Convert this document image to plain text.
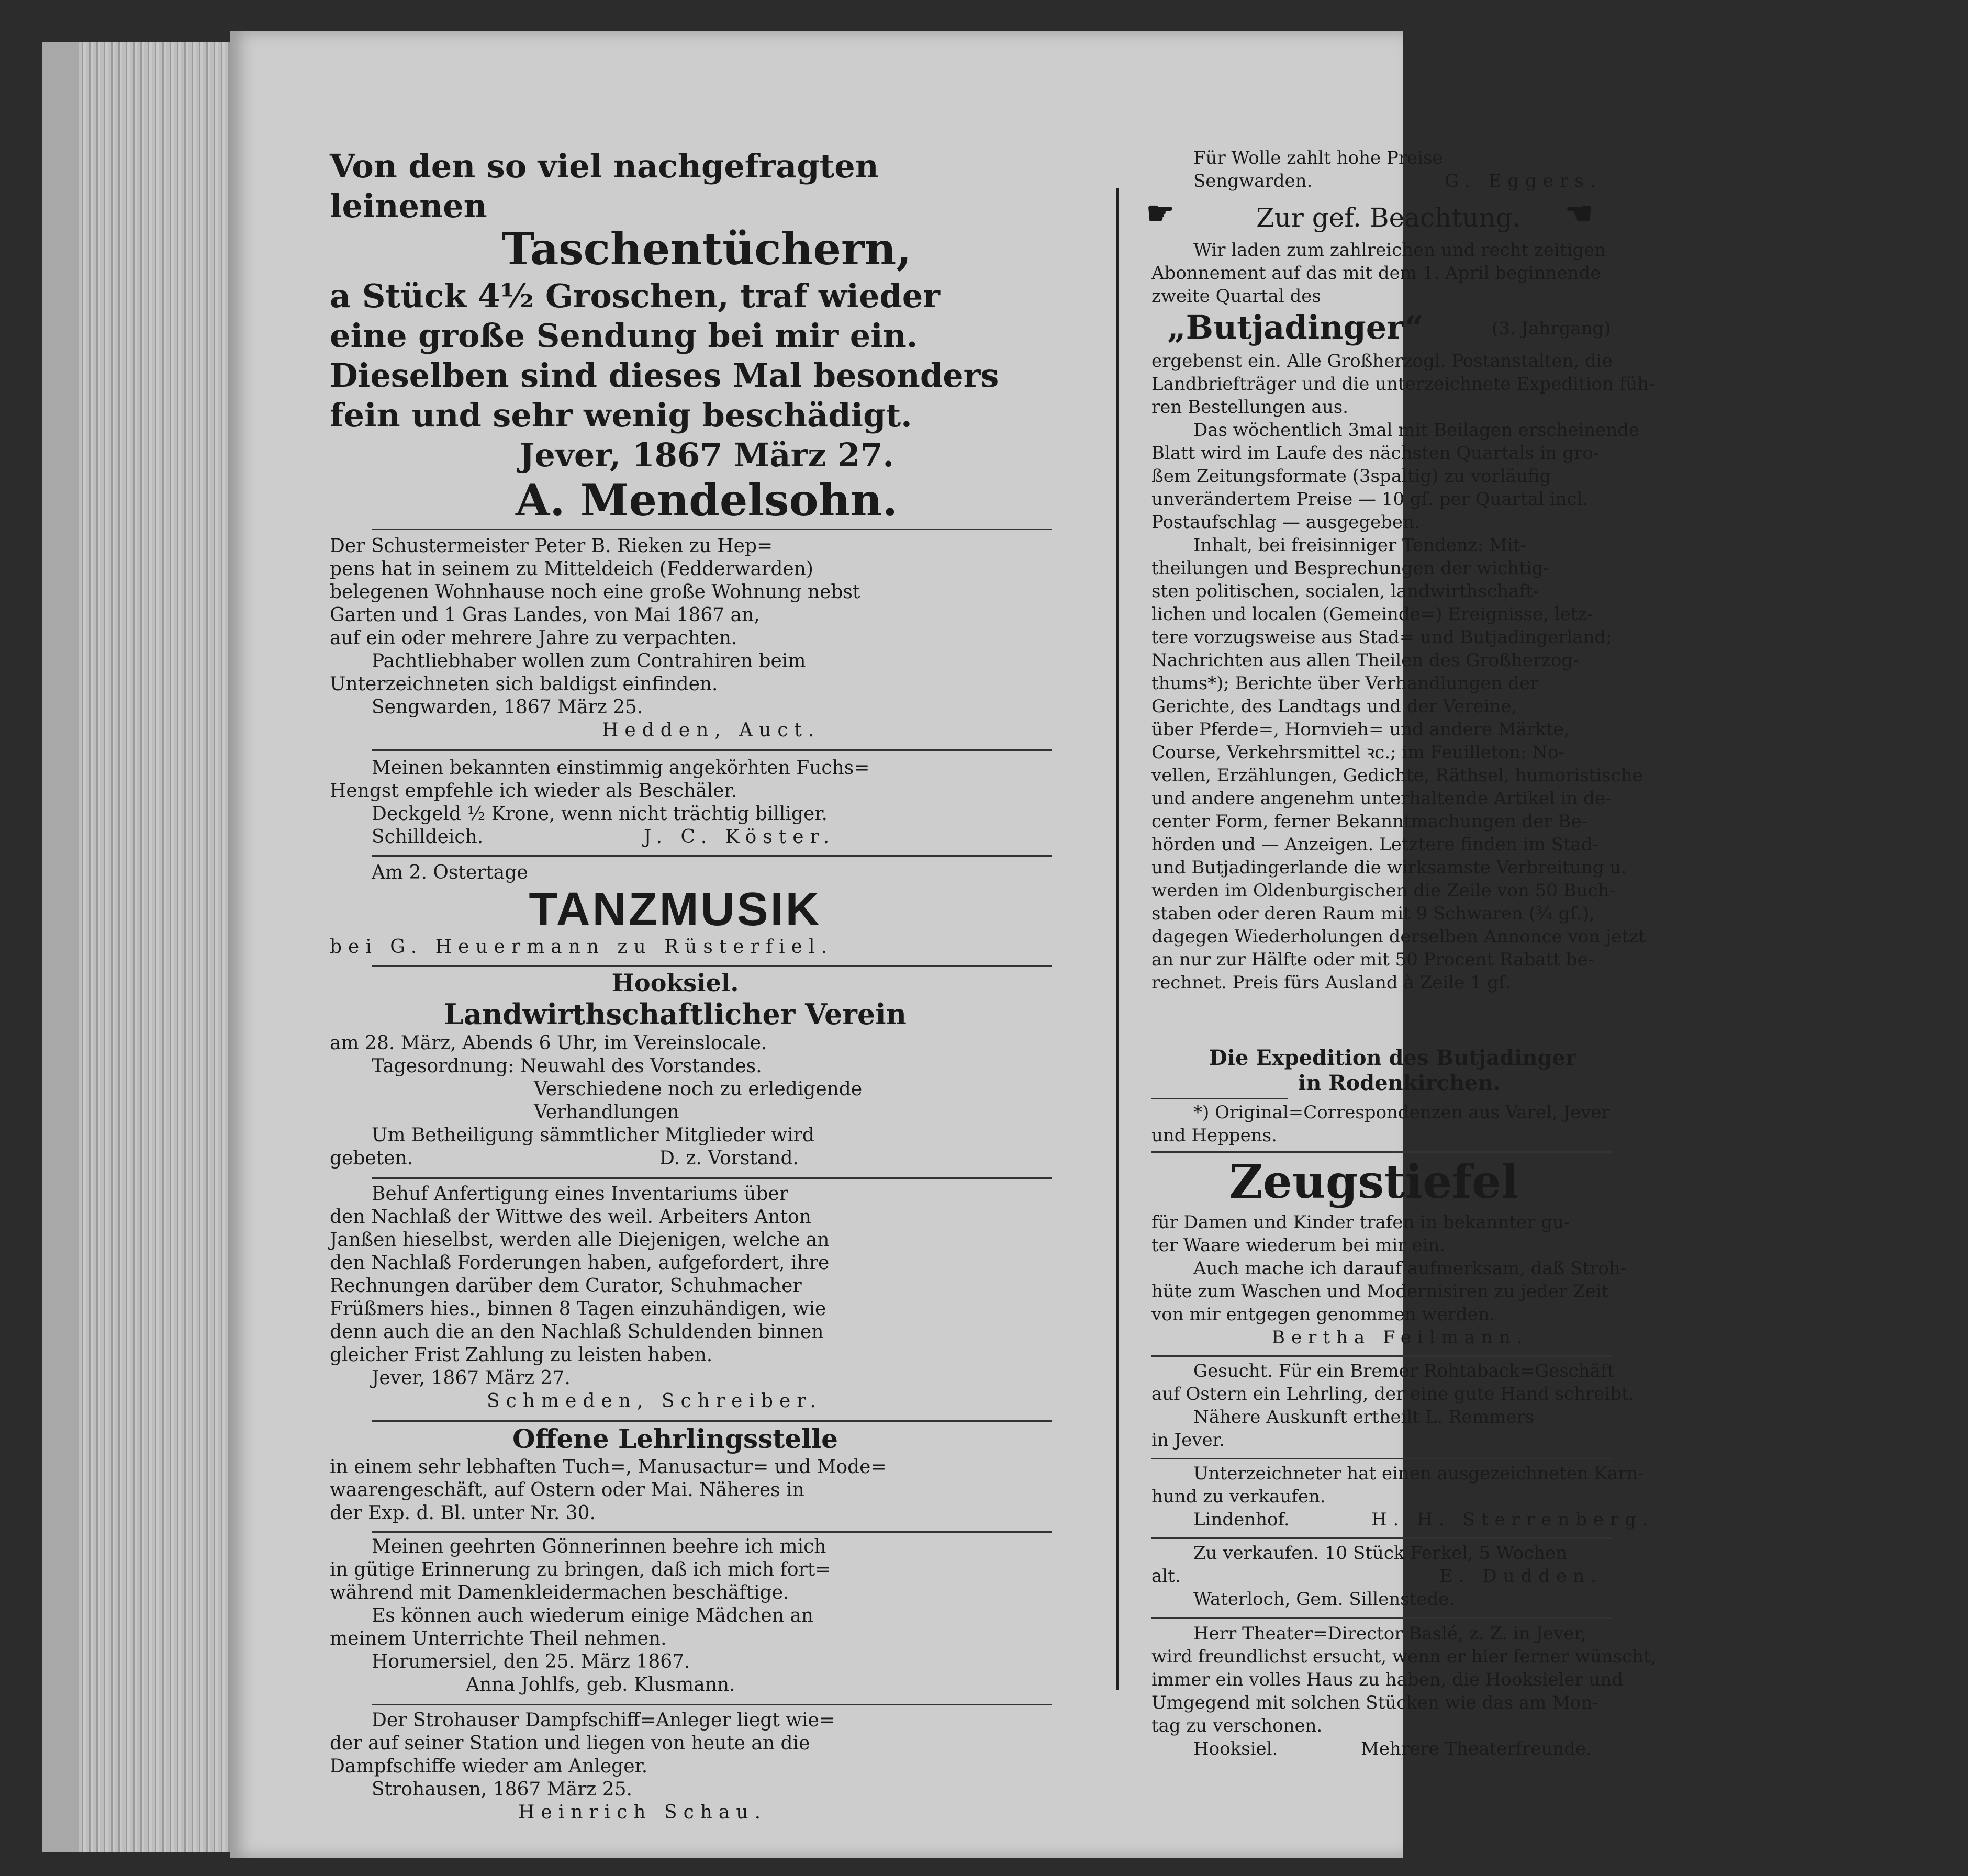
Von den so viel nachgefragten
leinenen
Taschentüchern,
a Stück 4½ Groschen, traf wieder
eine große Sendung bei mir ein.
Dieselben sind dieses Mal besonders
fein und sehr wenig beschädigt.
Jever, 1867 März 27.
A. Mendelsohn.
Der Schustermeister Peter B. Rieken zu Hep=
pens hat in seinem zu Mitteldeich (Fedderwarden)
belegenen Wohnhause noch eine große Wohnung nebst
Garten und 1 Gras Landes, von Mai 1867 an,
auf ein oder mehrere Jahre zu verpachten.
Pachtliebhaber wollen zum Contrahiren beim
Unterzeichneten sich baldigst einfinden.
Sengwarden, 1867 März 25.
Hedden, Auct.
Meinen bekannten einstimmig angekörhten Fuchs=
Hengst empfehle ich wieder als Beschäler.
Deckgeld ½ Krone, wenn nicht trächtig billiger.
Schilldeich.	J. C. Köster.
Am 2. Ostertage
TANZMUSIK
bei G. Heuermann zu Rüsterfiel.
Hooksiel.
Landwirthschaftlicher Verein
am 28. März, Abends 6 Uhr, im Vereinslocale.
Tagesordnung: Neuwahl des Vorstandes.
Verschiedene noch zu erledigende
Verhandlungen
Um Betheiligung sämmtlicher Mitglieder wird
gebeten.	D. z. Vorstand.
Behuf Anfertigung eines Inventariums über
den Nachlaß der Wittwe des weil. Arbeiters Anton
Janßen hieselbst, werden alle Diejenigen, welche an
den Nachlaß Forderungen haben, aufgefordert, ihre
Rechnungen darüber dem Curator, Schuhmacher
Früßmers hies., binnen 8 Tagen einzuhändigen, wie
denn auch die an den Nachlaß Schuldenden binnen
gleicher Frist Zahlung zu leisten haben.
Jever, 1867 März 27.
Schmeden, Schreiber.
Offene Lehrlingsstelle
in einem sehr lebhaften Tuch=, Manusactur= und Mode=
waarengeschäft, auf Ostern oder Mai. Näheres in
der Exp. d. Bl. unter Nr. 30.
Meinen geehrten Gönnerinnen beehre ich mich
in gütige Erinnerung zu bringen, daß ich mich fort=
während mit Damenkleidermachen beschäftige.
Es können auch wiederum einige Mädchen an
meinem Unterrichte Theil nehmen.
Horumersiel, den 25. März 1867.
Anna Johlfs, geb. Klusmann.
Der Strohauser Dampfschiff=Anleger liegt wie=
der auf seiner Station und liegen von heute an die
Dampfschiffe wieder am Anleger.
Strohausen, 1867 März 25.
Heinrich Schau.
Für Wolle zahlt hohe Preise
Sengwarden.	G. Eggers.
☛	Zur gef. Beachtung.	☚
Wir laden zum zahlreichen und recht zeitigen
Abonnement auf das mit dem 1. April beginnende
zweite Quartal des
„Butjadinger“	(3. Jahrgang)
ergebenst ein. Alle Großherzogl. Postanstalten, die
Landbriefträger und die unterzeichnete Expedition füh-
ren Bestellungen aus.
Das wöchentlich 3mal mit Beilagen erscheinende
Blatt wird im Laufe des nächsten Quartals in gro-
ßem Zeitungsformate (3spaltig) zu vorläufig
unverändertem Preise — 10 gſ. per Quartal incl.
Postaufschlag — ausgegeben.
Inhalt, bei freisinniger Tendenz: Mit-
theilungen und Besprechungen der wichtig-
sten politischen, socialen, landwirthschaft-
lichen und localen (Gemeinde=) Ereignisse, letz-
tere vorzugsweise aus Stad= und Butjadingerland;
Nachrichten aus allen Theilen des Großherzog-
thums*); Berichte über Verhandlungen der
Gerichte, des Landtags und der Vereine,
über Pferde=, Hornvieh= und andere Märkte,
Course, Verkehrsmittel ꝛc.; im Feuilleton: No-
vellen, Erzählungen, Gedichte, Räthsel, humoristische
und andere angenehm unterhaltende Artikel in de-
center Form, ferner Bekanntmachungen der Be-
hörden und — Anzeigen. Letztere finden im Stad-
und Butjadingerlande die wirksamste Verbreitung u.
werden im Oldenburgischen die Zeile von 50 Buch-
staben oder deren Raum mit 9 Schwaren (¾ gſ.),
dagegen Wiederholungen derselben Annonce von jetzt
an nur zur Hälfte oder mit 50 Procent Rabatt be-
rechnet. Preis fürs Ausland à Zeile 1 gſ.
Die Expedition des Butjadinger
in Rodenkirchen.
*) Original=Correspondenzen aus Varel, Jever
und Heppens.
Zeugstiefel
für Damen und Kinder trafen in bekannter gu-
ter Waare wiederum bei mir ein.
Auch mache ich darauf aufmerksam, daß Stroh-
hüte zum Waschen und Modernisiren zu jeder Zeit
von mir entgegen genommen werden.
Bertha Feilmann.
Gesucht. Für ein Bremer Rohtaback=Geschäft
auf Ostern ein Lehrling, der eine gute Hand schreibt.
Nähere Auskunft ertheilt L. Remmers
in Jever.
Unterzeichneter hat einen ausgezeichneten Karn-
hund zu verkaufen.
Lindenhof.	H. H. Sterrenberg.
Zu verkaufen. 10 Stück Ferkel, 5 Wochen
alt.	E. Dudden.
Waterloch, Gem. Sillenstede.
Herr Theater=Director Baslé, z. Z. in Jever,
wird freundlichst ersucht, wenn er hier ferner wünscht,
immer ein volles Haus zu haben, die Hooksieler und
Umgegend mit solchen Stücken wie das am Mon-
tag zu verschonen.
Hooksiel.	Mehrere Theaterfreunde.
